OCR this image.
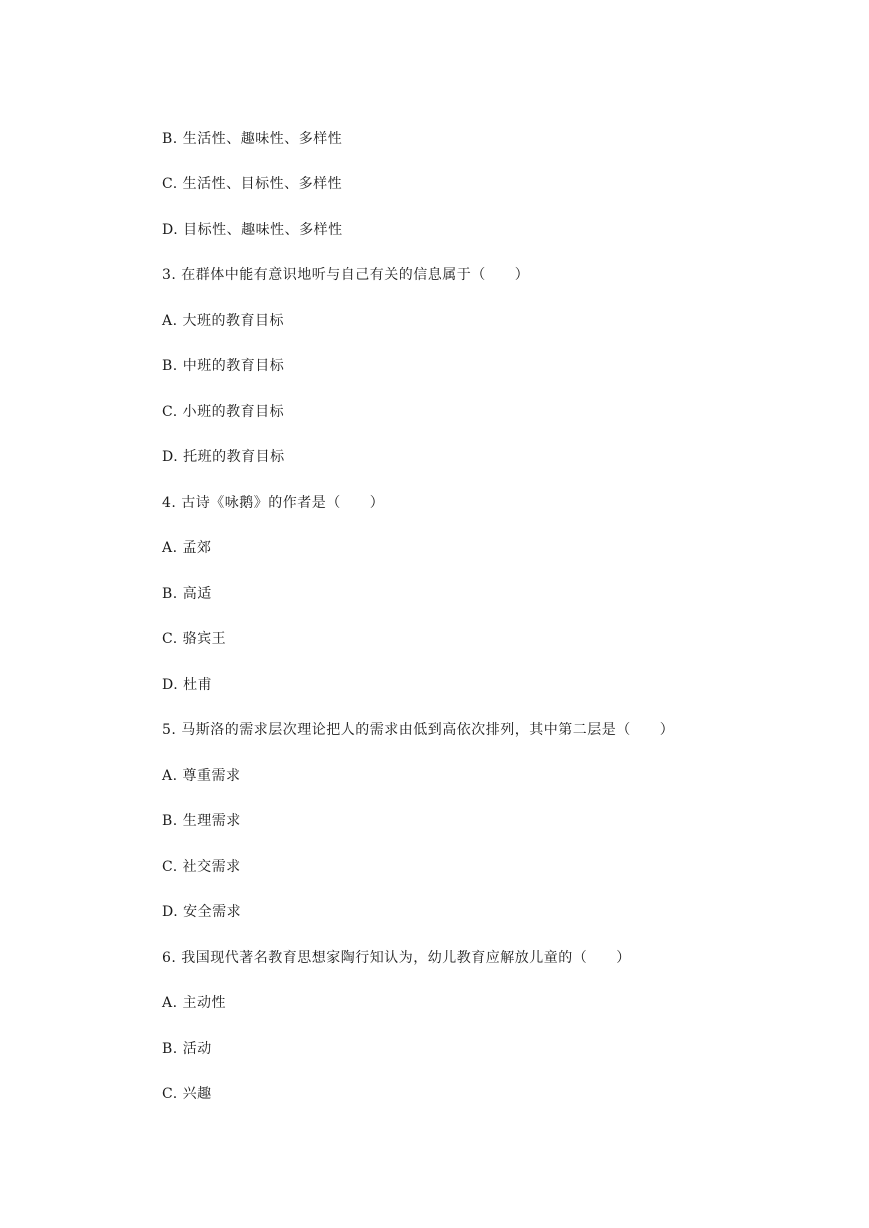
B. 生活性、趣味性、多样性
C. 生活性、目标性、多样性
D. 目标性、趣味性、多样性
3. 在群体中能有意识地听与自己有关的信息属于（　　）
A. 大班的教育目标
B. 中班的教育目标
C. 小班的教育目标
D. 托班的教育目标
4. 古诗《咏鹅》的作者是（　　）
A. 孟郊
B. 高适
C. 骆宾王
D. 杜甫
5. 马斯洛的需求层次理论把人的需求由低到高依次排列，其中第二层是（　　）
A. 尊重需求
B. 生理需求
C. 社交需求
D. 安全需求
6. 我国现代著名教育思想家陶行知认为，幼儿教育应解放儿童的（　　）
A. 主动性
B. 活动
C. 兴趣
